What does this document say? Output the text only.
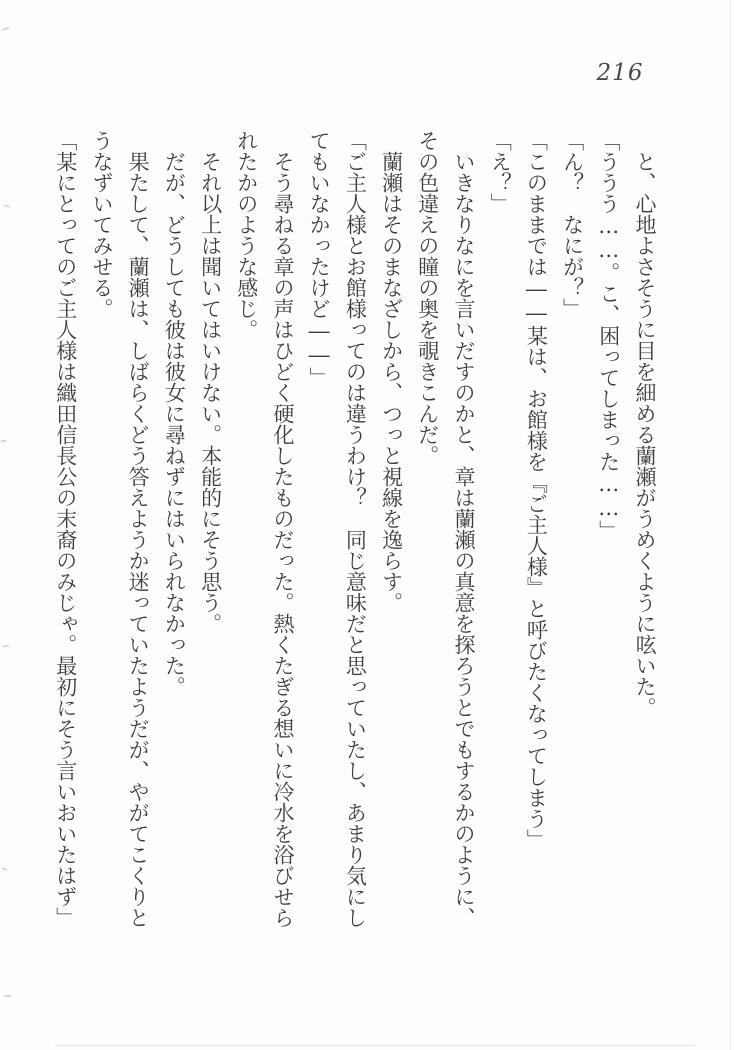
216
と、心地よさそうに目を細める蘭瀬がうめくように呟いた。
「ううう……。こ、困ってしまった……」
「ん？　なにが？」
「このままでは――某は、お館様を『ご主人様』と呼びたくなってしまう」
「え？」
いきなりなにを言いだすのかと、章は蘭瀬の真意を探ろうとでもするかのように、
その色違えの瞳の奥を覗きこんだ。
蘭瀬はそのまなざしから、つっと視線を逸らす。
「ご主人様とお館様ってのは違うわけ？　同じ意味だと思っていたし、あまり気にし
てもいなかったけど――」
そう尋ねる章の声はひどく硬化したものだった。熱くたぎる想いに冷水を浴びせら
れたかのような感じ。
それ以上は聞いてはいけない。本能的にそう思う。
だが、どうしても彼は彼女に尋ねずにはいられなかった。
果たして、蘭瀬は、しばらくどう答えようか迷っていたようだが、やがてこくりと
うなずいてみせる。
「某にとってのご主人様は織田信長公の末裔のみじゃ。最初にそう言いおいたはず」
